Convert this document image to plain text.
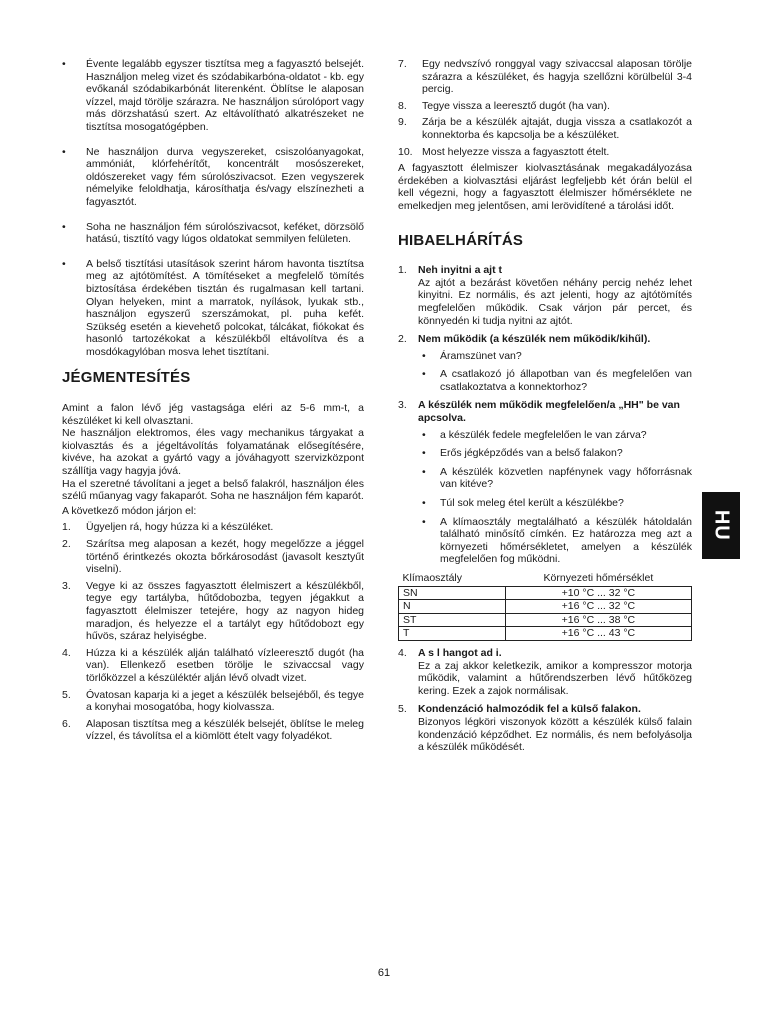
• Évente legalább egyszer tisztítsa meg a fagyasztó belsejét. Használjon meleg vizet és szódabikarbóna-oldatot - kb. egy evőkanál szódabikarbónát literenként. Öblítse le alaposan vízzel, majd törölje szárazra. Ne használjon súrolóport vagy más dörzshatású szert. Az eltávolítható alkatrészeket ne tisztítsa mosogatógépben.
• Ne használjon durva vegyszereket, csiszolóanyagokat, ammóniát, klórfehérítőt, koncentrált mosószereket, oldószereket vagy fém súrolószivacsot. Ezen vegyszerek némelyike feloldhatja, károsíthatja és/vagy elszínezheti a fagyasztót.
• Soha ne használjon fém súrolószivacsot, keféket, dörzsölő hatású, tisztító vagy lúgos oldatokat semmilyen felületen.
• A belső tisztítási utasítások szerint három havonta tisztítsa meg az ajtótömítést. A tömítéseket a megfelelő tömítés biztosítása érdekében tisztán és rugalmasan kell tartani. Olyan helyeken, mint a marratok, nyílások, lyukak stb., használjon egyszerű szerszámokat, pl. puha kefét. Szükség esetén a kievehető polcokat, tálcákat, fiókokat és hasonló tartozékokat a készülékből eltávolítva és a mosdókagylóban mosva lehet tisztítani.
JÉGMENTESÍTÉS

Amint a falon lévő jég vastagsága eléri az 5-6 mm-t, a készüléket ki kell olvasztani.

Ne használjon elektromos, éles vagy mechanikus tárgyakat a kiolvasztás és a jégeltávolítás folyamatának elősegítésére, kivéve, ha azokat a gyártó vagy a jóváhagyott szervizközpont szállítja vagy hagyja jóvá.

Ha el szeretné távolítani a jeget a belső falakról, használjon éles szélű műanyag vagy fakaparót. Soha ne használjon fém kaparót.

A következő módon járjon el:

1. Ügyeljen rá, hogy húzza ki a készüléket.
2. Szárítsa meg alaposan a kezét, hogy megelőzze a jéggel történő érintkezés okozta bőrkárosodást (javasolt kesztyűt viselni).
3. Vegye ki az összes fagyasztott élelmiszert a készülékből, tegye egy tartályba, hűtődobozba, tegyen jégakkut a fagyasztott élelmiszer tetejére, hogy az nagyon hideg maradjon, és helyezze el a tartályt egy hűtődobozt egy hűvös, száraz helyiségbe.
4. Húzza ki a készülék alján található vízleeresztő dugót (ha van). Ellenkező esetben törölje le szivaccsal vagy törlőközzel a készüléktér alján lévő olvadt vizet.
5. Óvatosan kaparja ki a jeget a készülék belsejéből, és tegye a konyhai mosogatóba, hogy kiolvassza.
6. Alaposan tisztítsa meg a készülék belsejét, öblítse le meleg vízzel, és távolítsa el a kiömlött ételt vagy folyadékot.
7. Egy nedvszívó ronggyal vagy szivaccsal alaposan törölje szárazra a készüléket, és hagyja szellőzni körülbelül 3-4 percig.
8. Tegye vissza a leeresztő dugót (ha van).
9. Zárja be a készülék ajtaját, dugja vissza a csatlakozót a konnektorba és kapcsolja be a készüléket.
10. Most helyezze vissza a fagyasztott ételt.

A fagyasztott élelmiszer kiolvasztásának megakadályozása érdekében a kiolvasztási eljárást legfeljebb két órán belül el kell végezni, hogy a fagyasztott élelmiszer hőmérséklete ne emelkedjen meg jelentősen, ami lerövidítené a tárolási időt.

HIBAELHÁRÍTÁS
1. Neh inyitni a ajt t
Az ajtót a bezárást követően néhány percig nehéz lehet kinyitni. Ez normális, és azt jelenti, hogy az ajtótömítés megfelelően működik. Csak várjon pár percet, és könnyedén ki tudja nyitni az ajtót.
2. Nem működik (a készülék nem működik/kihűl).
• Áramszünet van?
• A csatlakozó jó állapotban van és megfelelően van csatlakoztatva a konnektorhoz?
3. A készülék nem működik megfelelően/a „HH" be van apcsolva.
• a készülék fedele megfelelően le van zárva?
• Erős jégképződés van a belső falakon?
• A készülék közvetlen napfénynek vagy hőforrásnak van kitéve?
• Túl sok meleg étel került a készülékbe?
• A klímaosztály megtalálható a készülék hátoldalán található minősítő címkén. Ez határozza meg azt a környezeti hőmérsékletet, amelyen a készülék megfelelően fog működni.
Klímaosztály	Környezeti hőmérséklet
SN	+10 °C ... 32 °C
N	+16 °C ... 32 °C
ST	+16 °C ... 38 °C
T	+16 °C ... 43 °C
4. A s l hangot ad i.
Ez a zaj akkor keletkezik, amikor a kompresszor motorja működik, valamint a hűtőrendszerben lévő hűtőközeg kering. Ezek a zajok normálisak.
5. Kondenzáció halmozódik fel a külső falakon.
Bizonyos légköri viszonyok között a készülék külső falain kondenzáció képződhet. Ez normális, és nem befolyásolja a készülék működését.
HU
61
